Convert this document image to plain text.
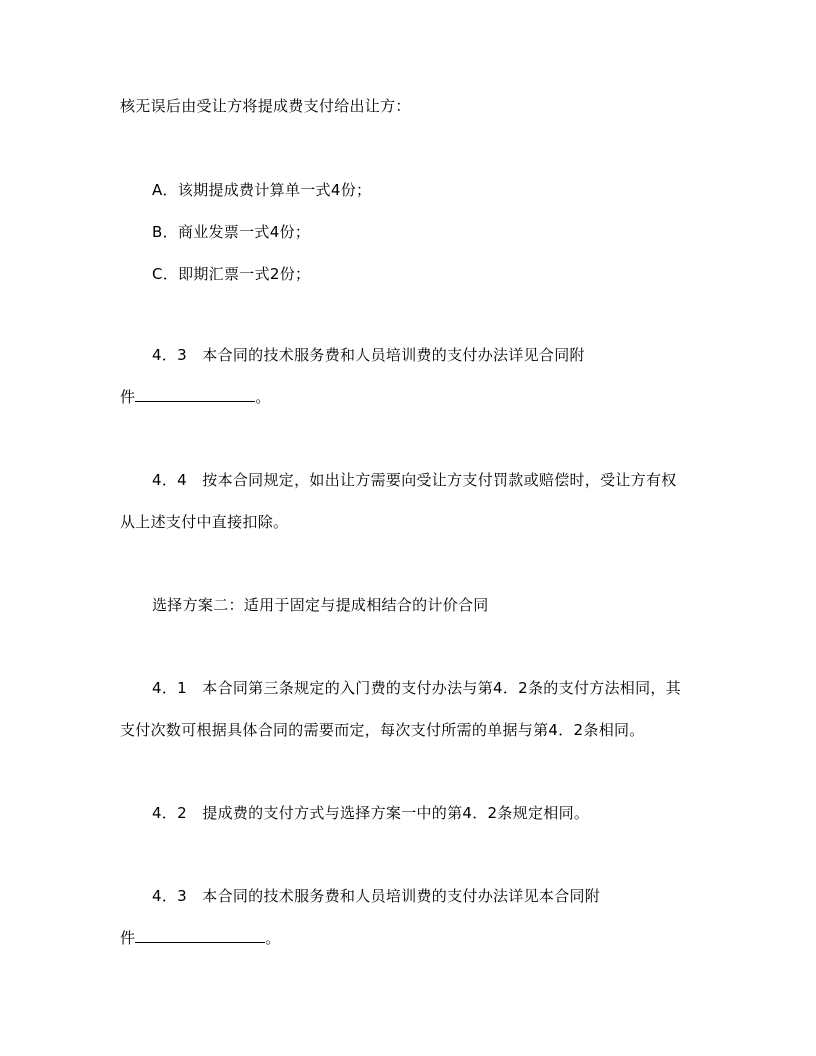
核无误后由受让方将提成费支付给出让方：
A．该期提成费计算单一式4份；
B．商业发票一式4份；
C．即期汇票一式2份；
4．3　本合同的技术服务费和人员培训费的支付办法详见合同附
件	。
4．4　按本合同规定，如出让方需要向受让方支付罚款或赔偿时，受让方有权
从上述支付中直接扣除。
选择方案二：适用于固定与提成相结合的计价合同
4．1　本合同第三条规定的入门费的支付办法与第4．2条的支付方法相同，其
支付次数可根据具体合同的需要而定，每次支付所需的单据与第4．2条相同。
4．2　提成费的支付方式与选择方案一中的第4．2条规定相同。
4．3　本合同的技术服务费和人员培训费的支付办法详见本合同附
件	。
